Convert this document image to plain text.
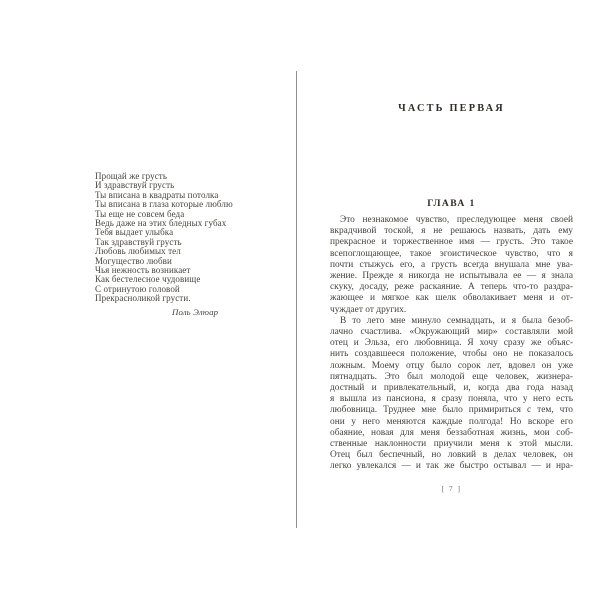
Прощай же грусть
И здравствуй грусть
Ты вписана в квадраты потолка
Ты вписана в глаза которые люблю
Ты еще не совсем беда
Ведь даже на этих бледных губах
Тебя выдает улыбка
Так здравствуй грусть
Любовь любимых тел
Могущество любви
Чья нежность возникает
Как бестелесное чудовище
С отринутою головой
Прекрасноликой грусти.
Поль Элюар
ЧАСТЬ ПЕРВАЯ
ГЛАВА 1
Это незнакомое чувство, преследующее меня своей
вкрадчивой тоской, я не решаюсь назвать, дать ему
прекрасное и торжественное имя — грусть. Это такое
всепоглощающее, такое эгоистическое чувство, что я
почти стыжусь его, а грусть всегда внушала мне ува-
жение. Прежде я никогда не испытывала ее — я знала
скуку, досаду, реже раскаяние. А теперь что-то раздра-
жающее и мягкое как шелк обволакивает меня и от-
чуждает от других.
В то лето мне минуло семнадцать, и я была безоб-
лачно счастлива. «Окружающий мир» составляли мой
отец и Эльза, его любовница. Я хочу сразу же объяс-
нить создавшееся положение, чтобы оно не показалось
ложным. Моему отцу было сорок лет, вдовел он уже
пятнадцать. Это был молодой еще человек, жизнера-
достный и привлекательный, и, когда два года назад
я вышла из пансиона, я сразу поняла, что у него есть
любовница. Труднее мне было примириться с тем, что
они у него меняются каждые полгода! Но вскоре его
обаяние, новая для меня беззаботная жизнь, мои соб-
ственные наклонности приучили меня к этой мысли.
Отец был беспечный, но ловкий в делах человек, он
легко увлекался — и так же быстро остывал — и нра-
[ 7 ]
